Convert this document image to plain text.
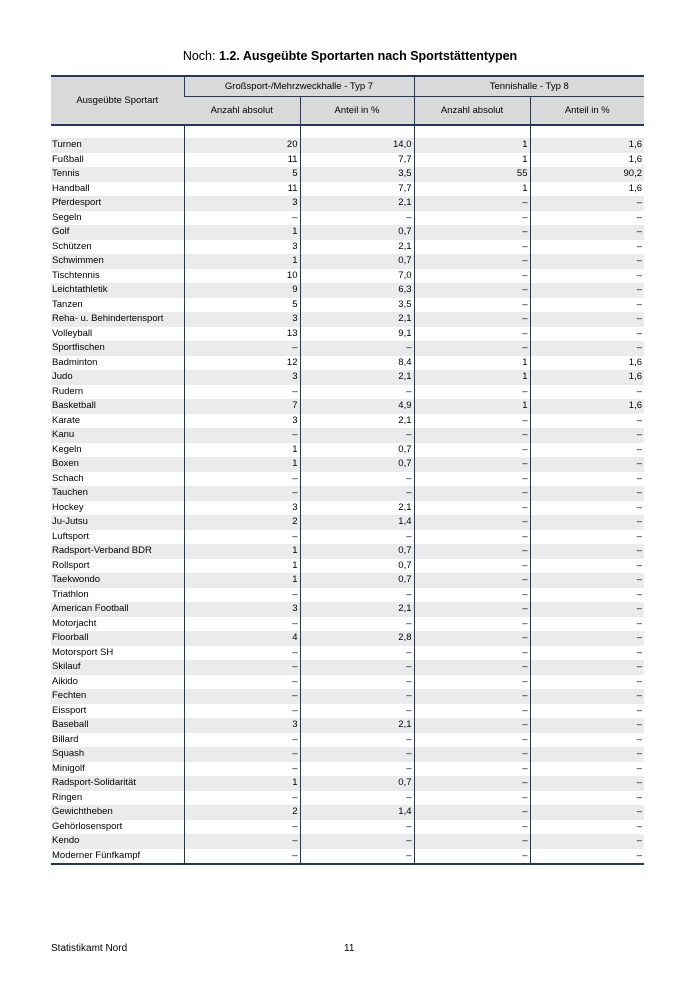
Noch: 1.2. Ausgeübte Sportarten nach Sportstättentypen
Ausgeübte Sportart	Großsport-/Mehrzweckhalle - Typ 7		Tennishalle - Typ 8	
	Anzahl absolut	Anteil in %	Anzahl absolut	Anteil in %

Turnen	20	14,0	1	1,6
Fußball	11	7,7	1	1,6
Tennis	5	3,5	55	90,2
Handball	11	7,7	1	1,6
Pferdesport	3	2,1	–	–
Segeln	–	–	–	–
Golf	1	0,7	–	–
Schützen	3	2,1	–	–
Schwimmen	1	0,7	–	–
Tischtennis	10	7,0	–	–
Leichtathletik	9	6,3	–	–
Tanzen	5	3,5	–	–
Reha- u. Behindertensport	3	2,1	–	–
Volleyball	13	9,1	–	–
Sportfischen	–	–	–	–
Badminton	12	8,4	1	1,6
Judo	3	2,1	1	1,6
Rudern	–	–	–	–
Basketball	7	4,9	1	1,6
Karate	3	2,1	–	–
Kanu	–	–	–	–
Kegeln	1	0,7	–	–
Boxen	1	0,7	–	–
Schach	–	–	–	–
Tauchen	–	–	–	–
Hockey	3	2,1	–	–
Ju-Jutsu	2	1,4	–	–
Luftsport	–	–	–	–
Radsport-Verband BDR	1	0,7	–	–
Rollsport	1	0,7	–	–
Taekwondo	1	0,7	–	–
Triathlon	–	–	–	–
American Football	3	2,1	–	–
Motorjacht	–	–	–	–
Floorball	4	2,8	–	–
Motorsport SH	–	–	–	–
Skilauf	–	–	–	–
Aikido	–	–	–	–
Fechten	–	–	–	–
Eissport	–	–	–	–
Baseball	3	2,1	–	–
Billard	–	–	–	–
Squash	–	–	–	–
Minigolf	–	–	–	–
Radsport-Solidarität	1	0,7	–	–
Ringen	–	–	–	–
Gewichtheben	2	1,4	–	–
Gehörlosensport	–	–	–	–
Kendo	–	–	–	–
Moderner Fünfkampf	–	–	–	–
Statistikamt Nord	11
